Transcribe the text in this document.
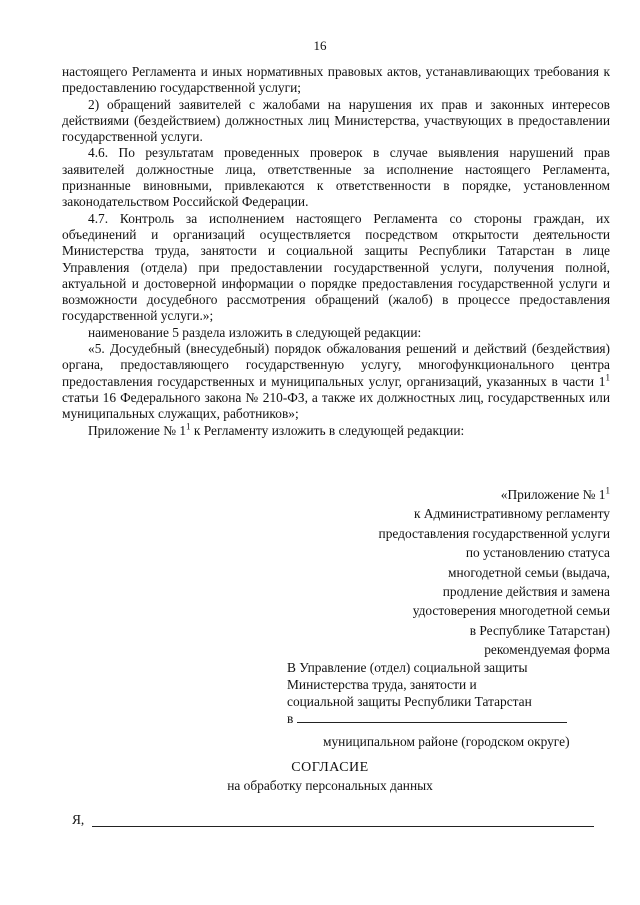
16

настоящего Регламента и иных нормативных правовых актов, устанавливающих требования к предоставлению государственной услуги;

2) обращений заявителей с жалобами на нарушения их прав и законных интересов действиями (бездействием) должностных лиц Министерства, участвующих в предоставлении государственной услуги.

4.6. По результатам проведенных проверок в случае выявления нарушений прав заявителей должностные лица, ответственные за исполнение настоящего Регламента, признанные виновными, привлекаются к ответственности в порядке, установленном законодательством Российской Федерации.

4.7. Контроль за исполнением настоящего Регламента со стороны граждан, их объединений и организаций осуществляется посредством открытости деятельности Министерства труда, занятости и социальной защиты Республики Татарстан в лице Управления (отдела) при предоставлении государственной услуги, получения полной, актуальной и достоверной информации о порядке предоставления государственной услуги и возможности досудебного рассмотрения обращений (жалоб) в процессе предоставления государственной услуги.»;

наименование 5 раздела изложить в следующей редакции:

«5. Досудебный (внесудебный) порядок обжалования решений и действий (бездействия) органа, предоставляющего государственную услугу, многофункционального центра предоставления государственных и муниципальных услуг, организаций, указанных в части $1^1$ статьи 16 Федерального закона № 210-ФЗ, а также их должностных лиц, государственных или муниципальных служащих, работников»;

Приложение № $1^1$ к Регламенту изложить в следующей редакции:

«Приложение № $1^1$
к Административному регламенту
предоставления государственной услуги
по установлению статуса
многодетной семьи (выдача,
продление действия и замена
удостоверения многодетной семьи
в Республике Татарстан)
рекомендуемая форма
В Управление (отдел) социальной защиты
Министерства труда, занятости и
социальной защиты Республики Татарстан
в
муниципальном районе (городском округе)
СОГЛАСИЕ
на обработку персональных данных
Я,
